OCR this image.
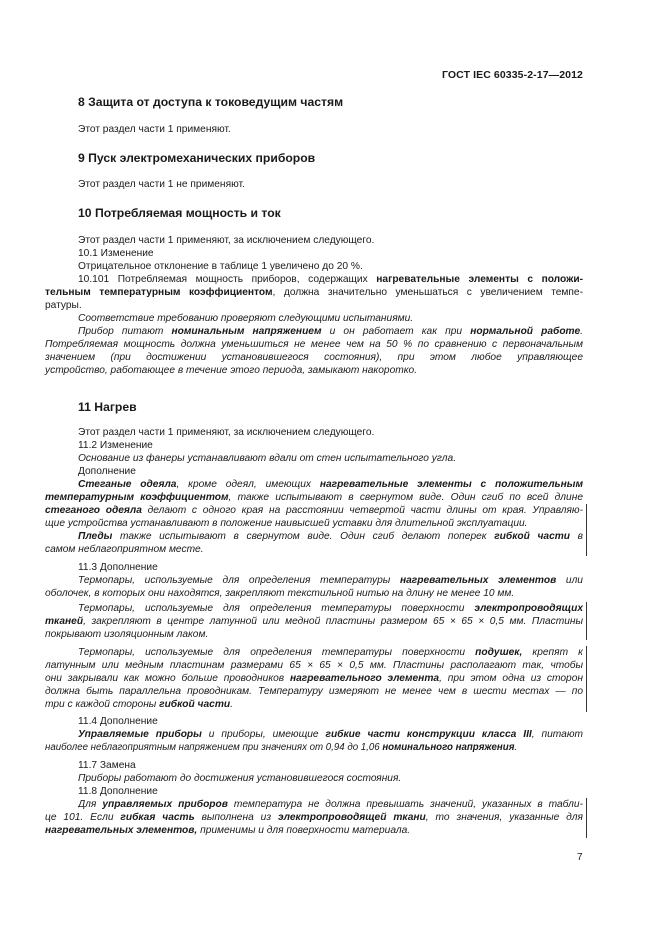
ГОСТ IEC 60335-2-17—2012
8 Защита от доступа к токоведущим частям
Этот раздел части 1 применяют.
9 Пуск электромеханических приборов
Этот раздел части 1 не применяют.
10 Потребляемая мощность и ток
Этот раздел части 1 применяют, за исключением следующего.
10.1 Изменение
Отрицательное отклонение в таблице 1 увеличено до 20 %.
10.101 Потребляемая мощность приборов, содержащих нагревательные элементы с положи-
тельным температурным коэффициентом, должна значительно уменьшаться с увеличением темпе-
ратуры.
Соответствие требованию проверяют следующими испытаниями.
Прибор питают номинальным напряжением и он работает как при нормальной работе.
Потребляемая мощность должна уменьшиться не менее чем на 50 % по сравнению с первоначальным
значением (при достижении установившегося состояния), при этом любое управляющее
устройство, работающее в течение этого периода, замыкают накоротко.
11 Нагрев
Этот раздел части 1 применяют, за исключением следующего.
11.2 Изменение
Основание из фанеры устанавливают вдали от стен испытательного угла.
Дополнение
Стеганые одеяла, кроме одеял, имеющих нагревательные элементы с положительным
температурным коэффициентом, также испытывают в свернутом виде. Один сгиб по всей длине
стеганого одеяла делают с одного края на расстоянии четвертой части длины от края. Управляю-
щие устройства устанавливают в положение наивысшей уставки для длительной эксплуатации.
Пледы также испытывают в свернутом виде. Один сгиб делают поперек гибкой части в
самом неблагоприятном месте.
11.3 Дополнение
Термопары, используемые для определения температуры нагревательных элементов или
оболочек, в которых они находятся, закрепляют текстильной нитью на длину не менее 10 мм.
Термопары, используемые для определения температуры поверхности электропроводящих
тканей, закрепляют в центре латунной или медной пластины размером 65 × 65 × 0,5 мм. Пластины
покрывают изоляционным лаком.
Термопары, используемые для определения температуры поверхности подушек, крепят к
латунным или медным пластинам размерами 65 × 65 × 0,5 мм. Пластины располагают так, чтобы
они закрывали как можно больше проводников нагревательного элемента, при этом одна из сторон
должна быть параллельна проводникам. Температуру измеряют не менее чем в шести местах — по
три с каждой стороны гибкой части.
11.4 Дополнение
Управляемые приборы и приборы, имеющие гибкие части конструкции класса III, питают
наиболее неблагоприятным напряжением при значениях от 0,94 до 1,06 номинального напряжения.
11.7 Замена
Приборы работают до достижения установившегося состояния.
11.8 Дополнение
Для управляемых приборов температура не должна превышать значений, указанных в табли-
це 101. Если гибкая часть выполнена из электропроводящей ткани, то значения, указанные для
нагревательных элементов, применимы и для поверхности материала.
7
